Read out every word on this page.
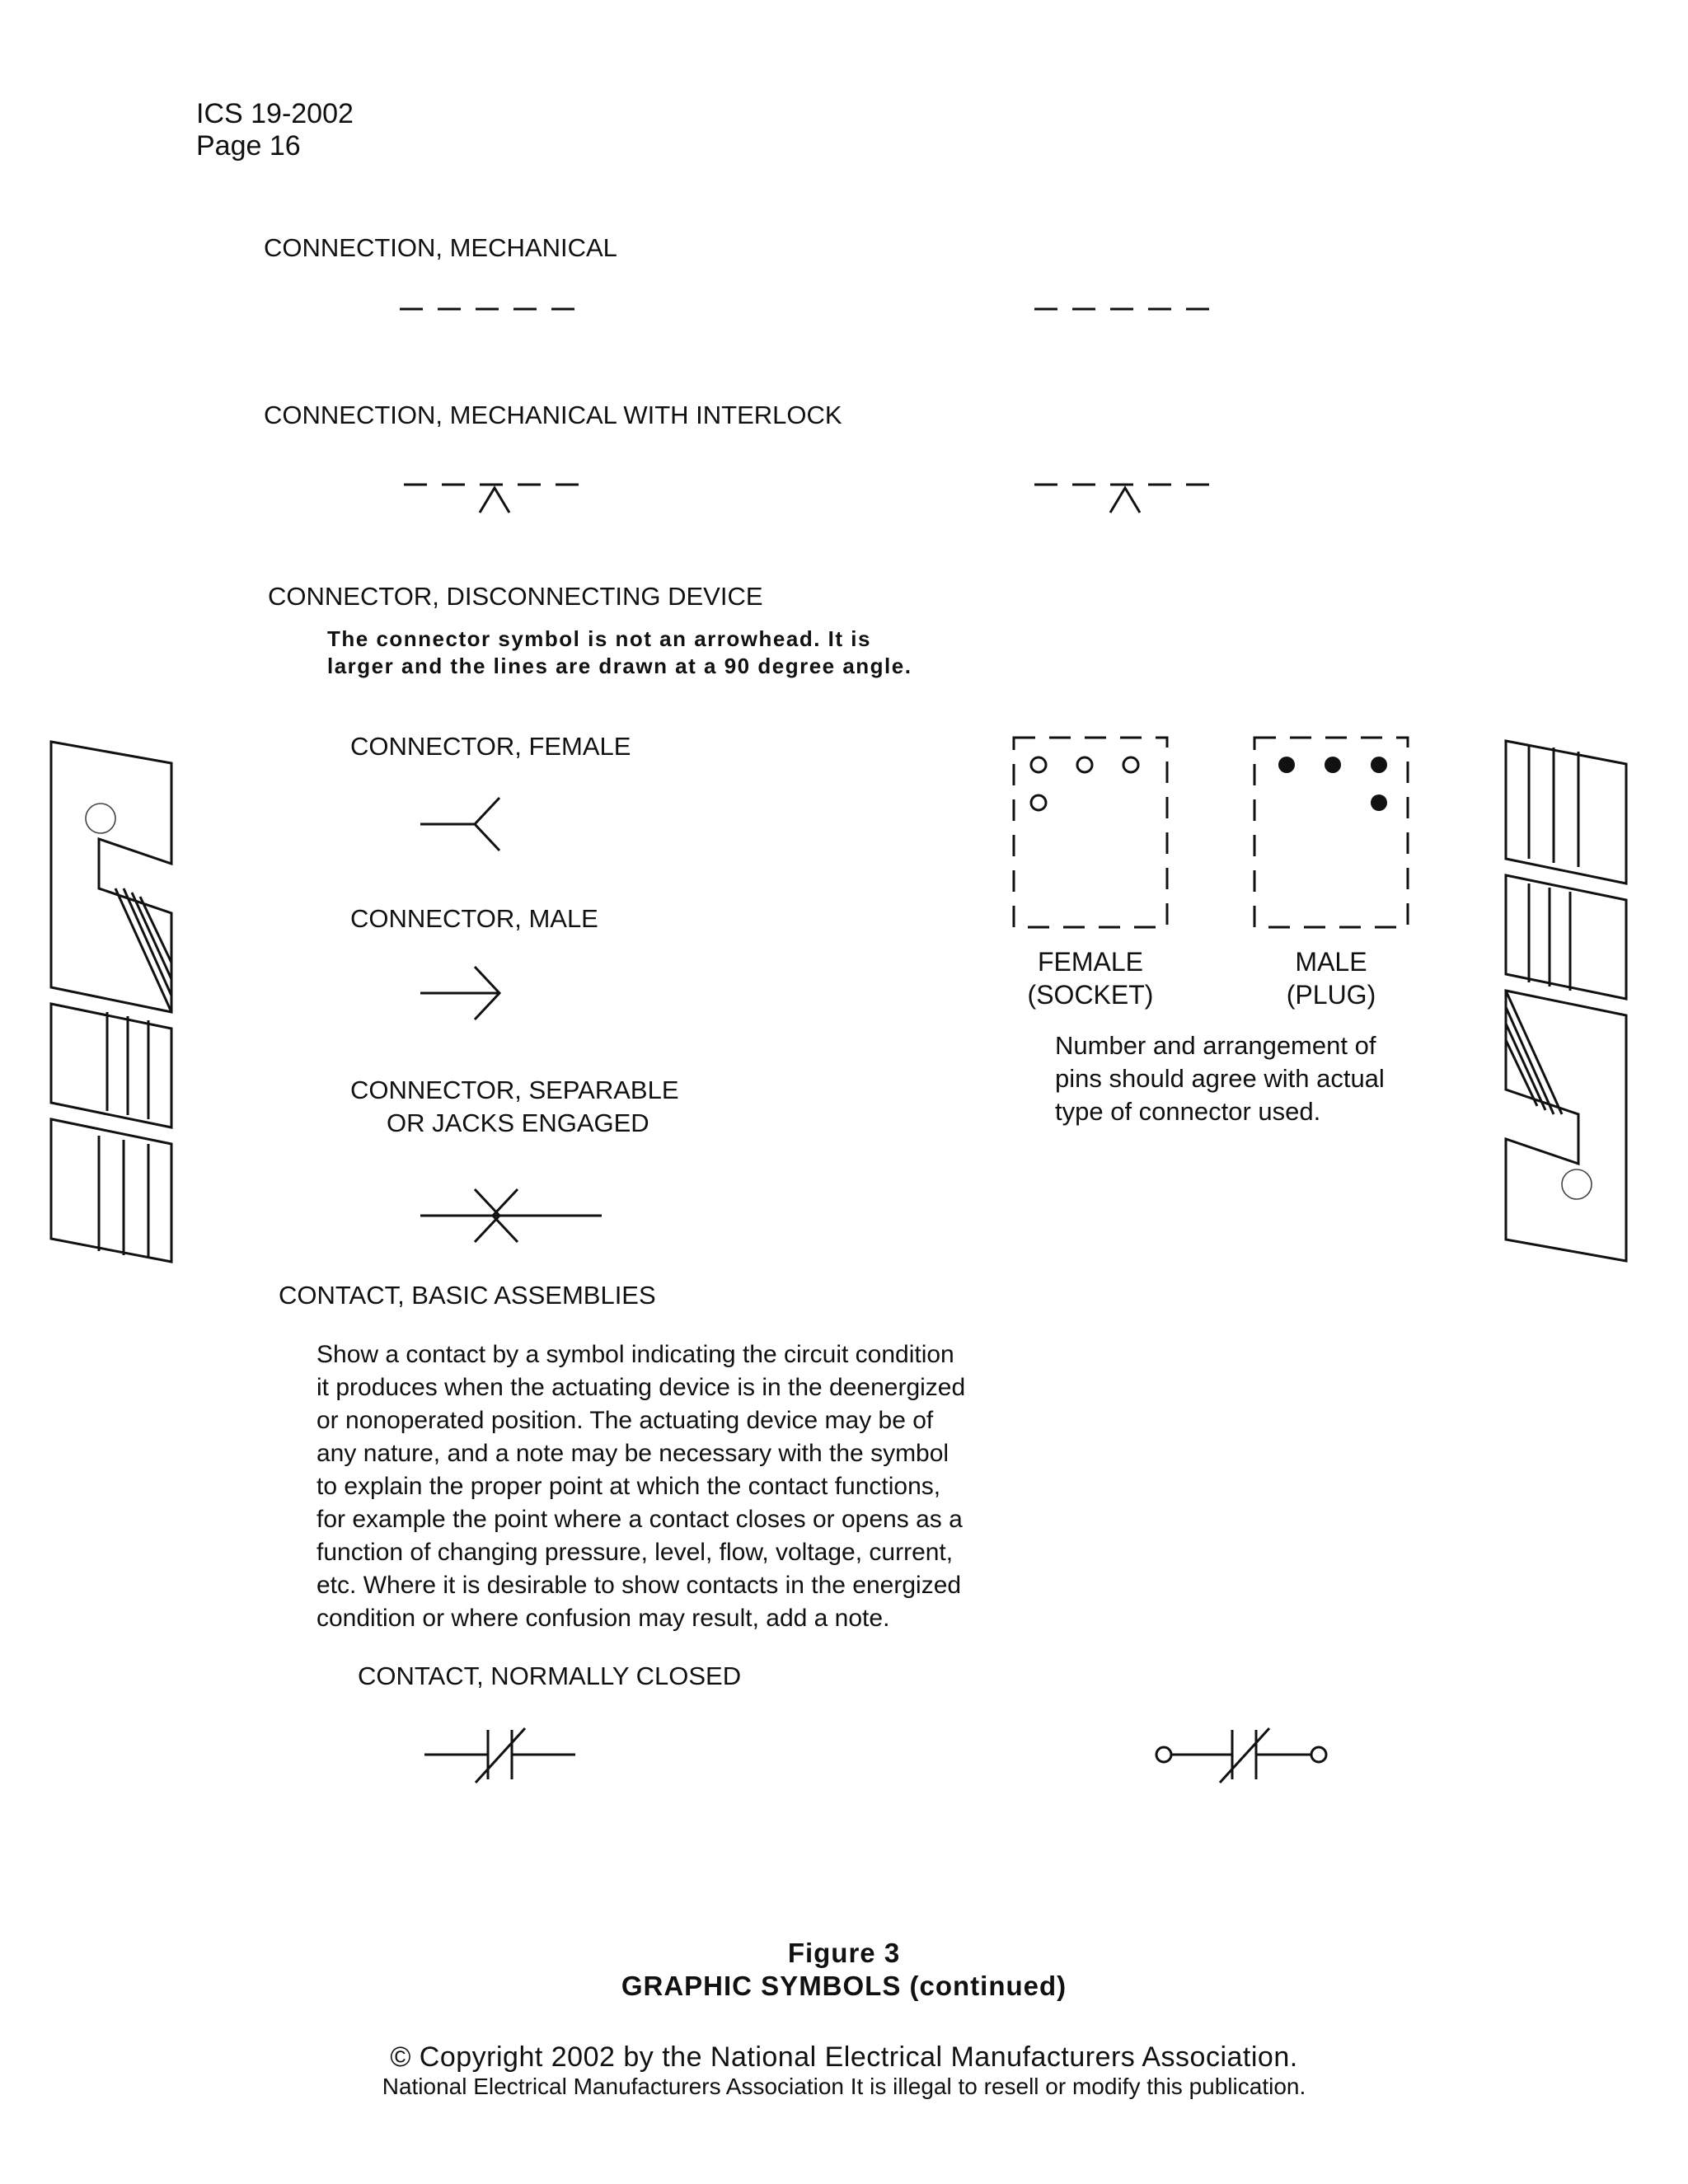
ICS 19-2002
Page 16
CONNECTION, MECHANICAL
CONNECTION, MECHANICAL WITH INTERLOCK
CONNECTOR, DISCONNECTING DEVICE
The connector symbol is not an arrowhead. It is
larger and the lines are drawn at a 90 degree angle.
CONNECTOR, FEMALE
CONNECTOR, MALE
CONNECTOR, SEPARABLE
OR JACKS ENGAGED
FEMALE
(SOCKET)
MALE
(PLUG)
Number and arrangement of
pins should agree with actual
type of connector used.
CONTACT, BASIC ASSEMBLIES
Show a contact by a symbol indicating the circuit condition
it produces when the actuating device is in the deenergized
or nonoperated position. The actuating device may be of
any nature, and a note may be necessary with the symbol
to explain the proper point at which the contact functions,
for example the point where a contact closes or opens as a
function of changing pressure, level, flow, voltage, current,
etc. Where it is desirable to show contacts in the energized
condition or where confusion may result, add a note.
CONTACT, NORMALLY CLOSED
Figure 3
GRAPHIC SYMBOLS (continued)
© Copyright 2002 by the National Electrical Manufacturers Association.
National Electrical Manufacturers Association It is illegal to resell or modify this publication.
